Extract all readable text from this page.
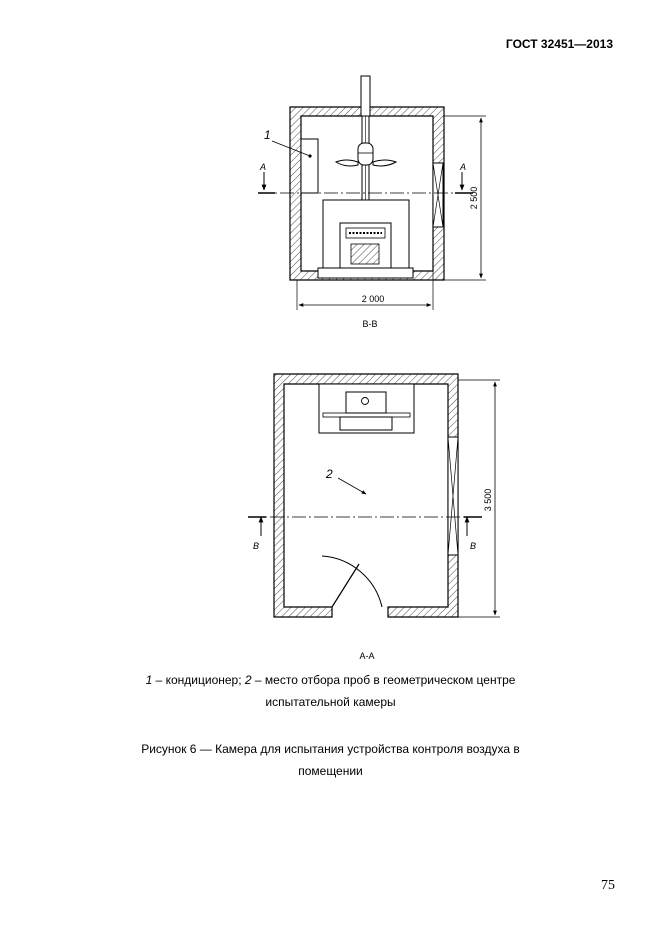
ГОСТ 32451—2013
А	А
1
2 500
2 000
В-В
В	В
2
3 500
А-А
1 – кондиционер; 2 – место отбора проб в геометрическом центре
испытательной камеры
Рисунок 6 — Камера для испытания устройства контроля воздуха в
помещении
75
